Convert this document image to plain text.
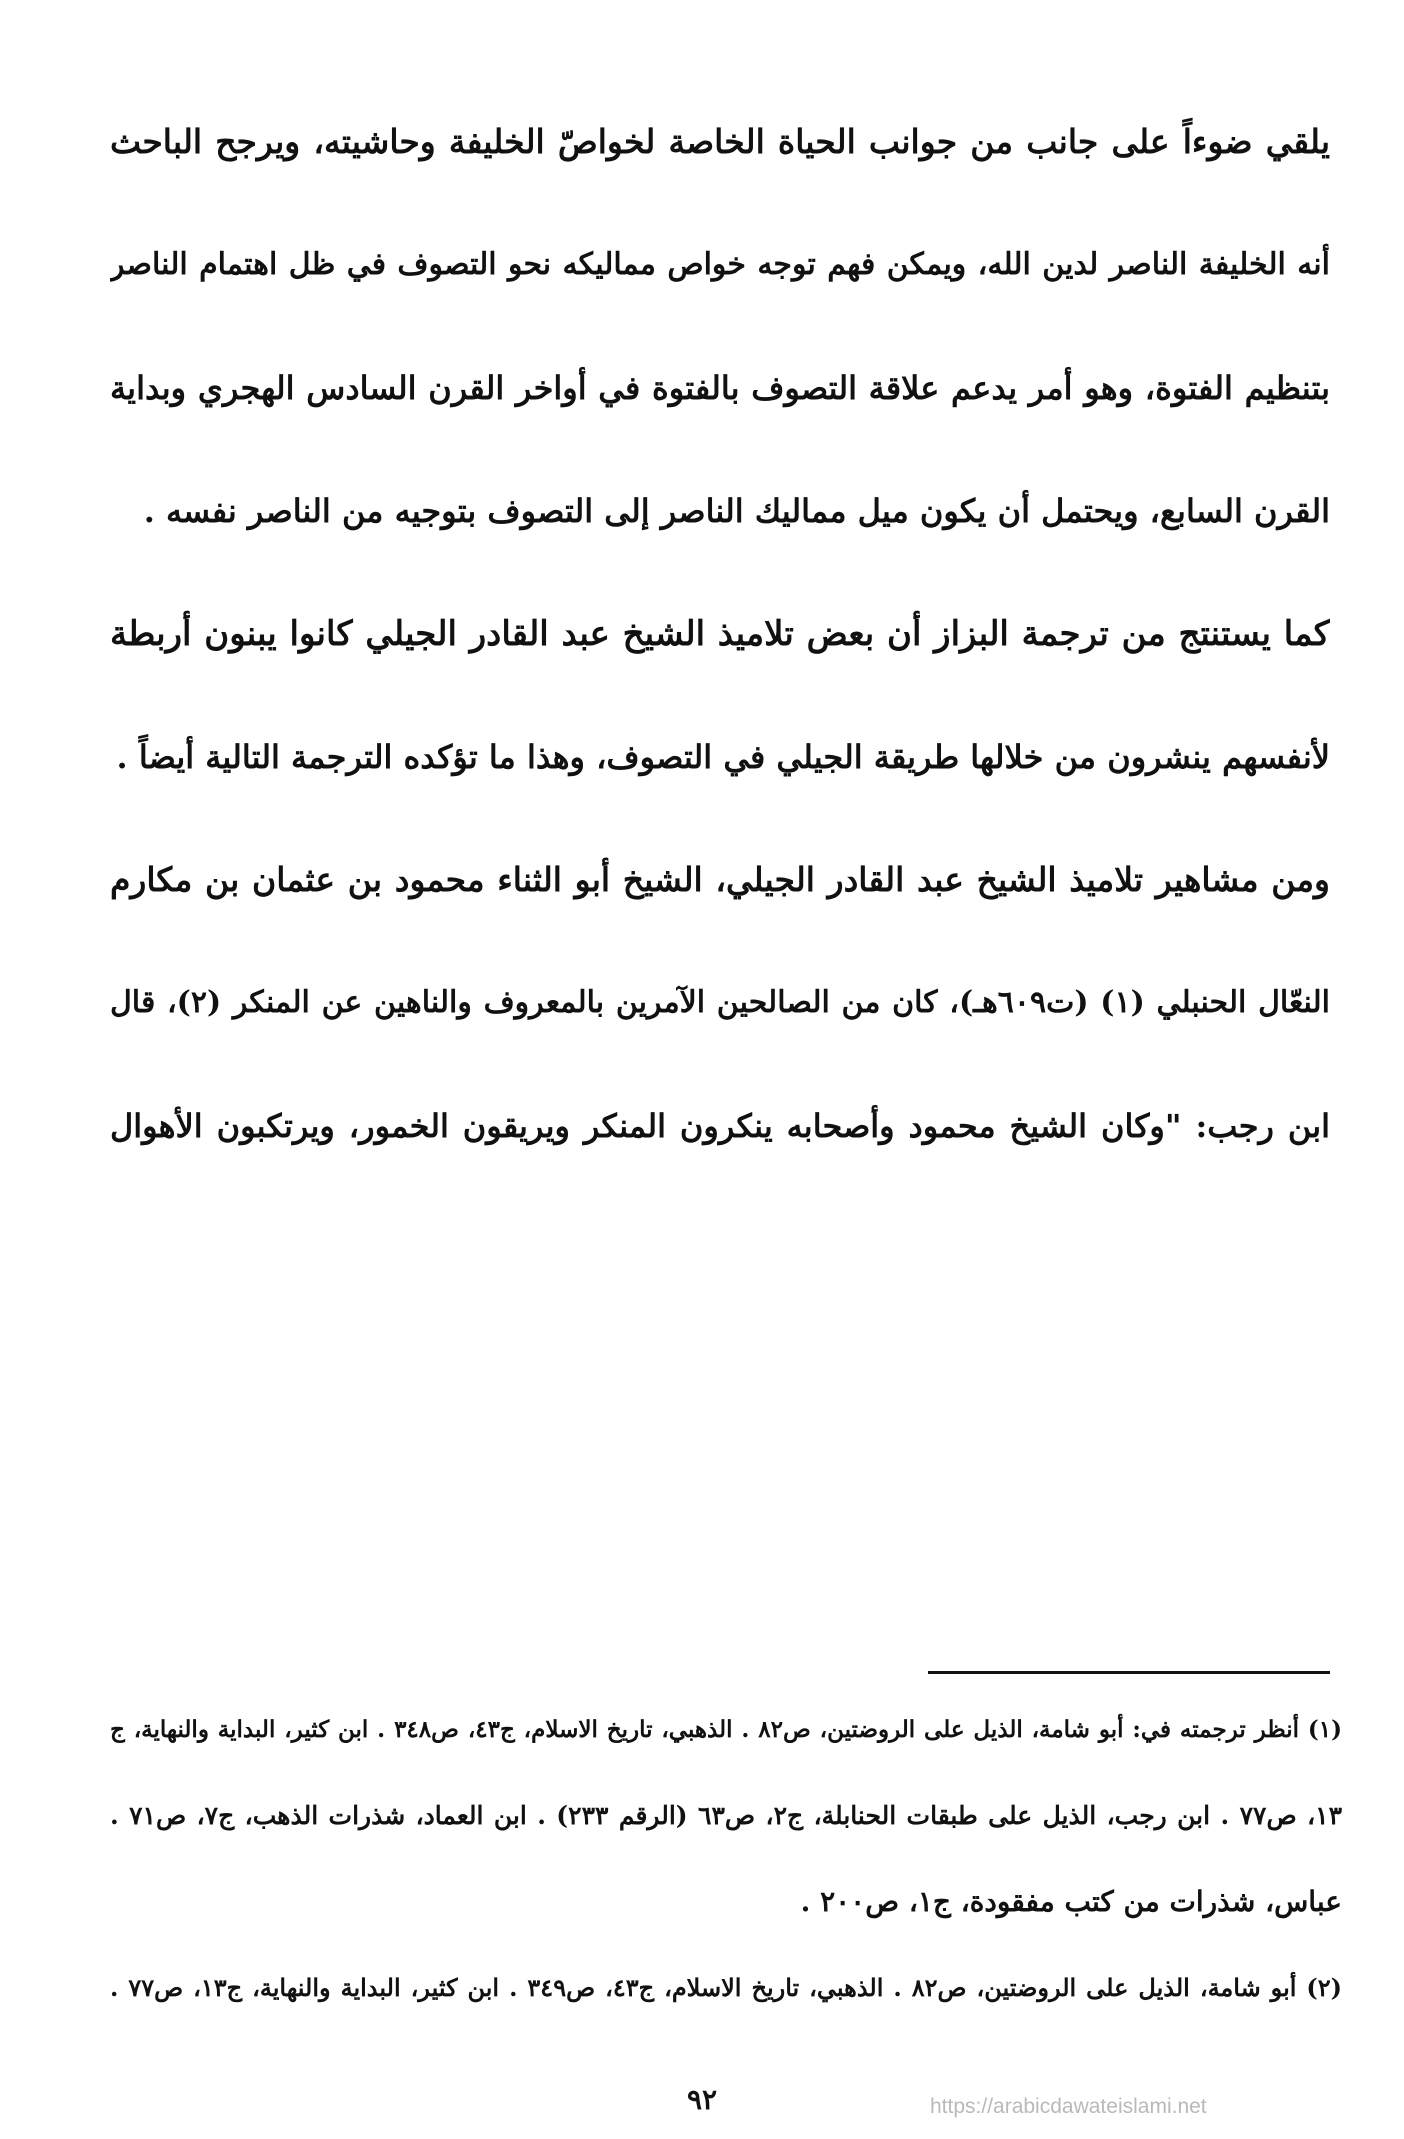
يلقي ضوءاً على جانب من جوانب الحياة الخاصة لخواصّ الخليفة وحاشيته، ويرجح الباحث
أنه الخليفة الناصر لدين الله، ويمكن فهم توجه خواص مماليكه نحو التصوف في ظل اهتمام الناصر
بتنظيم الفتوة، وهو أمر يدعم علاقة التصوف بالفتوة في أواخر القرن السادس الهجري وبداية
القرن السابع، ويحتمل أن يكون ميل مماليك الناصر إلى التصوف بتوجيه من الناصر نفسه .
كما يستنتج من ترجمة البزاز أن بعض تلاميذ الشيخ عبد القادر الجيلي كانوا يبنون أربطة
لأنفسهم ينشرون من خلالها طريقة الجيلي في التصوف، وهذا ما تؤكده الترجمة التالية أيضاً .
ومن مشاهير تلاميذ الشيخ عبد القادر الجيلي، الشيخ أبو الثناء محمود بن عثمان بن مكارم
النعّال الحنبلي (١) (ت٦٠٩هـ)، كان من الصالحين الآمرين بالمعروف والناهين عن المنكر (٢)، قال
ابن رجب: "وكان الشيخ محمود وأصحابه ينكرون المنكر ويريقون الخمور، ويرتكبون الأهوال
(١) أنظر ترجمته في: أبو شامة، الذيل على الروضتين، ص٨٢ . الذهبي، تاريخ الاسلام، ج٤٣، ص٣٤٨ . ابن كثير، البداية والنهاية، ج
١٣، ص٧٧ . ابن رجب، الذيل على طبقات الحنابلة، ج٢، ص٦٣ (الرقم ٢٣٣) . ابن العماد، شذرات الذهب، ج٧، ص٧١ .
عباس، شذرات من كتب مفقودة، ج١، ص٢٠٠ .
(٢) أبو شامة، الذيل على الروضتين، ص٨٢ . الذهبي، تاريخ الاسلام، ج٤٣، ص٣٤٩ . ابن كثير، البداية والنهاية، ج١٣، ص٧٧ .
٩٢	https://arabicdawateislami.net
